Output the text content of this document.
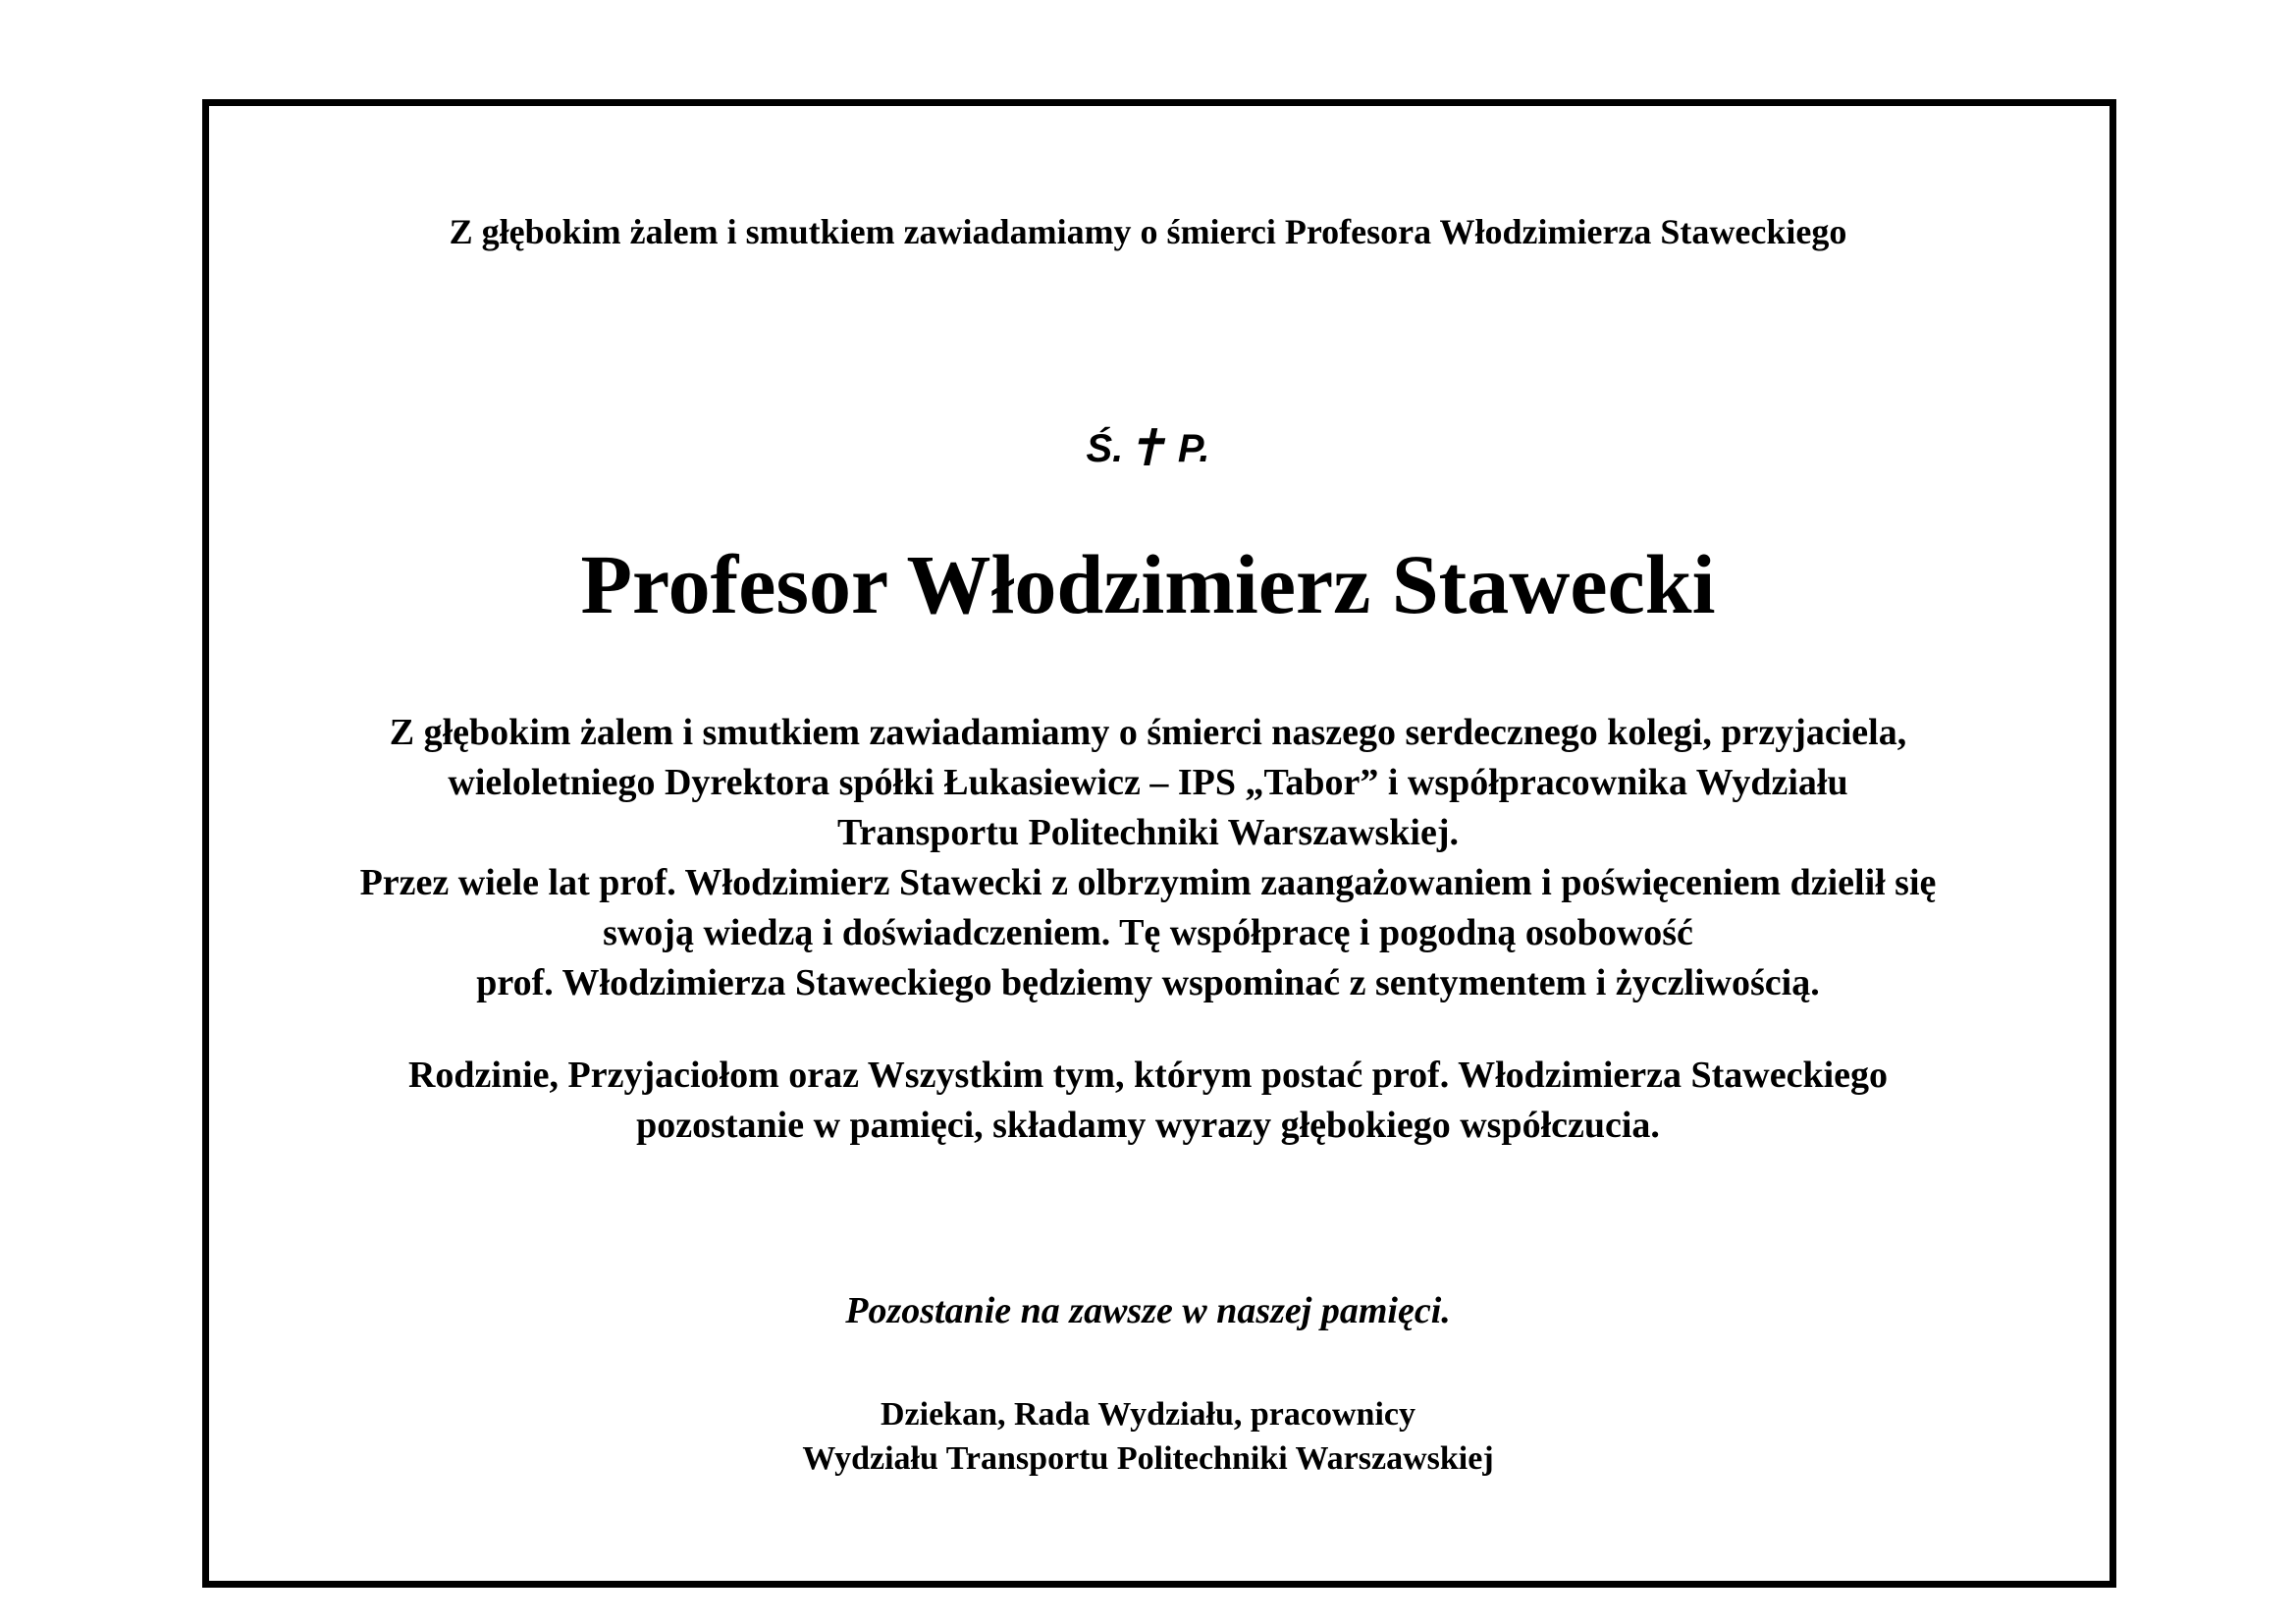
Z głębokim żalem i smutkiem zawiadamiamy o śmierci Profesora Włodzimierza Staweckiego
Ś.✝P.
Profesor Włodzimierz Stawecki
Z głębokim żalem i smutkiem zawiadamiamy o śmierci naszego serdecznego kolegi, przyjaciela,
wieloletniego Dyrektora spółki Łukasiewicz – IPS „Tabor” i współpracownika Wydziału
Transportu Politechniki Warszawskiej.
Przez wiele lat prof. Włodzimierz Stawecki z olbrzymim zaangażowaniem i poświęceniem dzielił się
swoją wiedzą i doświadczeniem. Tę współpracę i pogodną osobowość
prof. Włodzimierza Staweckiego będziemy wspominać z sentymentem i życzliwością.
Rodzinie, Przyjaciołom oraz Wszystkim tym, którym postać prof. Włodzimierza Staweckiego
pozostanie w pamięci, składamy wyrazy głębokiego współczucia.
Pozostanie na zawsze w naszej pamięci.
Dziekan, Rada Wydziału, pracownicy
Wydziału Transportu Politechniki Warszawskiej
